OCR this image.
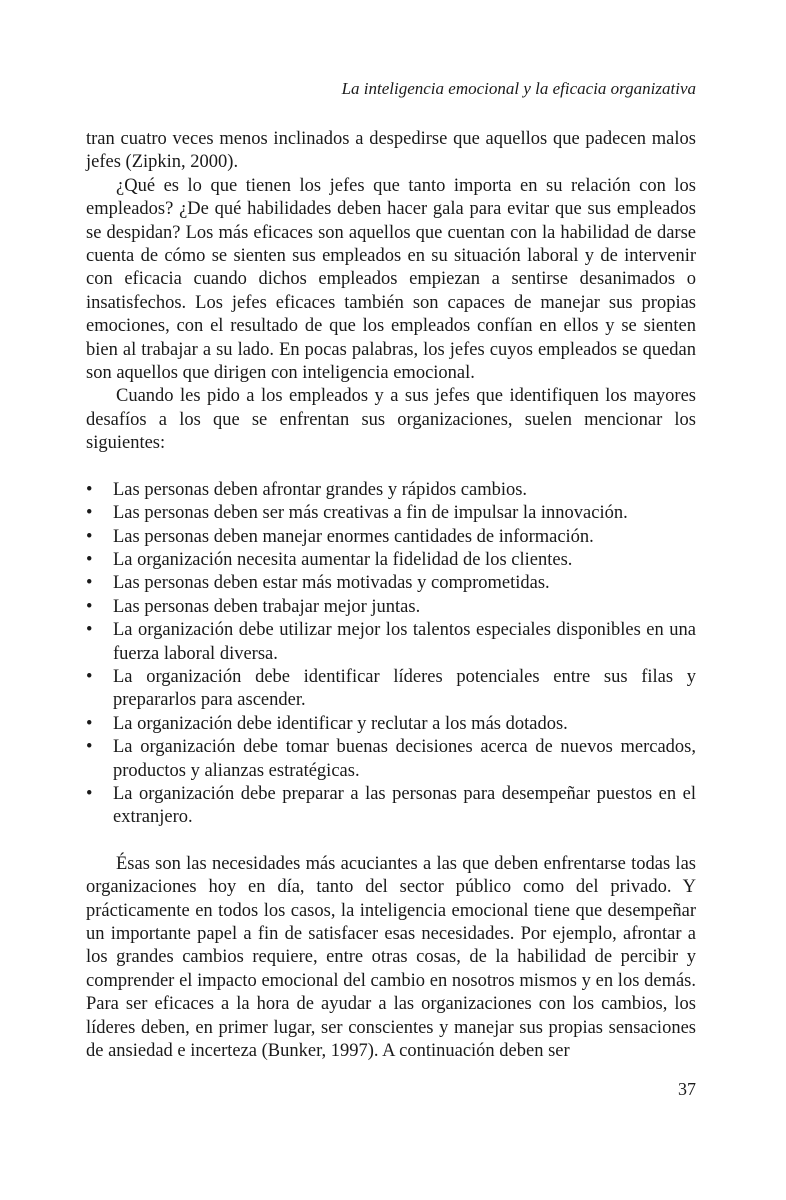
La inteligencia emocional y la eficacia organizativa

tran cuatro veces menos inclinados a despedirse que aquellos que padecen malos jefes (Zipkin, 2000).

¿Qué es lo que tienen los jefes que tanto importa en su relación con los empleados? ¿De qué habilidades deben hacer gala para evitar que sus empleados se despidan? Los más eficaces son aquellos que cuentan con la habilidad de darse cuenta de cómo se sienten sus empleados en su situación laboral y de intervenir con eficacia cuando dichos empleados empiezan a sentirse desanimados o insatisfechos. Los jefes eficaces también son capaces de manejar sus propias emociones, con el resultado de que los empleados confían en ellos y se sienten bien al trabajar a su lado. En pocas palabras, los jefes cuyos empleados se quedan son aquellos que dirigen con inteligencia emocional.

Cuando les pido a los empleados y a sus jefes que identifiquen los mayores desafíos a los que se enfrentan sus organizaciones, suelen mencionar los siguientes:

• Las personas deben afrontar grandes y rápidos cambios.
• Las personas deben ser más creativas a fin de impulsar la innovación.
• Las personas deben manejar enormes cantidades de información.
• La organización necesita aumentar la fidelidad de los clientes.
• Las personas deben estar más motivadas y comprometidas.
• Las personas deben trabajar mejor juntas.
• La organización debe utilizar mejor los talentos especiales disponibles en una fuerza laboral diversa.
• La organización debe identificar líderes potenciales entre sus filas y prepararlos para ascender.
• La organización debe identificar y reclutar a los más dotados.
• La organización debe tomar buenas decisiones acerca de nuevos mercados, productos y alianzas estratégicas.
• La organización debe preparar a las personas para desempeñar puestos en el extranjero.

Ésas son las necesidades más acuciantes a las que deben enfrentarse todas las organizaciones hoy en día, tanto del sector público como del privado. Y prácticamente en todos los casos, la inteligencia emocional tiene que desempeñar un importante papel a fin de satisfacer esas necesidades. Por ejemplo, afrontar a los grandes cambios requiere, entre otras cosas, de la habilidad de percibir y comprender el impacto emocional del cambio en nosotros mismos y en los demás. Para ser eficaces a la hora de ayudar a las organizaciones con los cambios, los líderes deben, en primer lugar, ser conscientes y manejar sus propias sensaciones de ansiedad e incerteza (Bunker, 1997). A continuación deben ser

37
